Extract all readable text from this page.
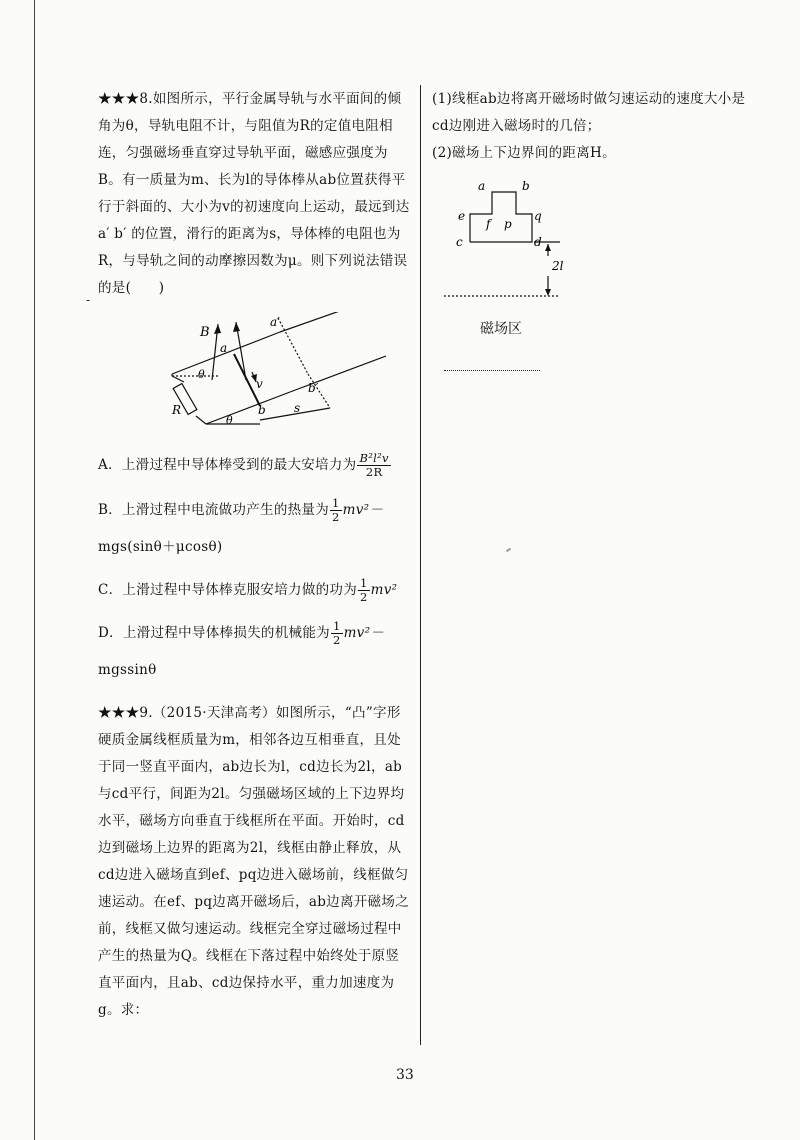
★★★8.如图所示，平行金属导轨与水平面间的倾角为θ，导轨电阻不计，与阻值为R的定值电阻相连，匀强磁场垂直穿过导轨平面，磁感应强度为B。有一质量为m、长为l的导体棒从ab位置获得平行于斜面的、大小为v的初速度向上运动，最远到达a′ b′ 的位置，滑行的距离为s，导体棒的电阻也为R，与导轨之间的动摩擦因数为μ。则下列说法错误的是(　　)

-
B
a
a′
v
θ
R
θ
b
b′
s

A．上滑过程中导体棒受到的最大安培力为 $\frac{\text{B²l²v}}{2R}$

B．上滑过程中电流做功产生的热量为 $\frac{1}{2} mv^2-$

mgs(sinθ＋μcosθ)

C．上滑过程中导体棒克服安培力做的功为 $\frac{1}{2} mv^2$

D．上滑过程中导体棒损失的机械能为 $\frac{1}{2} mv^2-$

mgssinθ

★★★9.（2015·天津高考）如图所示，“凸”字形硬质金属线框质量为m，相邻各边互相垂直，且处于同一竖直平面内，ab边长为l，cd边长为2l，ab与cd平行，间距为2l。匀强磁场区域的上下边界均水平，磁场方向垂直于线框所在平面。开始时，cd边到磁场上边界的距离为2l，线框由静止释放，从cd边进入磁场直到ef、pq边进入磁场前，线框做匀速运动。在ef、pq边离开磁场后，ab边离开磁场之前，线框又做匀速运动。线框完全穿过磁场过程中产生的热量为Q。线框在下落过程中始终处于原竖直平面内，且ab、cd边保持水平，重力加速度为g。求：

(1)线框ab边将离开磁场时做匀速运动的速度大小是cd边刚进入磁场时的几倍；

(2)磁场上下边界间的距离H。

a	b
e
f p
q
c	d
2l
磁场区
33
